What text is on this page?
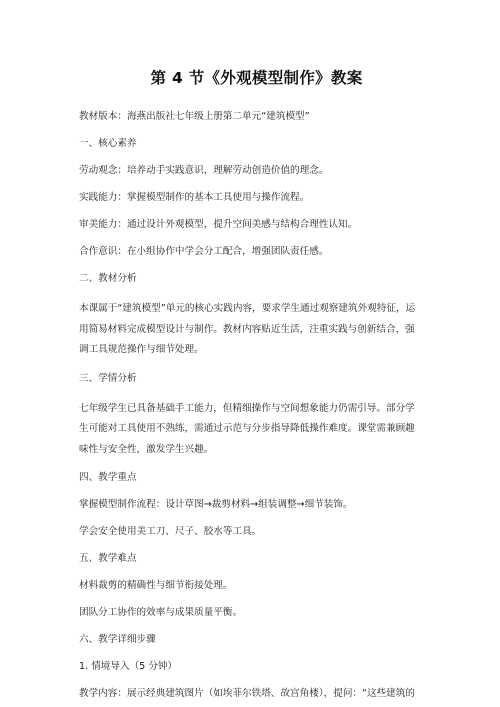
第 4 节《外观模型制作》教案
教材版本：海燕出版社七年级上册第二单元“建筑模型”
一、核心素养
劳动观念：培养动手实践意识，理解劳动创造价值的理念。
实践能力：掌握模型制作的基本工具使用与操作流程。
审美能力：通过设计外观模型，提升空间美感与结构合理性认知。
合作意识：在小组协作中学会分工配合，增强团队责任感。
二、教材分析

本课属于“建筑模型”单元的核心实践内容，要求学生通过观察建筑外观特征，运

用简易材料完成模型设计与制作。教材内容贴近生活，注重实践与创新结合，强

调工具规范操作与细节处理。

三、学情分析

七年级学生已具备基础手工能力，但精细操作与空间想象能力仍需引导。部分学

生可能对工具使用不熟练，需通过示范与分步指导降低操作难度。课堂需兼顾趣

味性与安全性，激发学生兴趣。

四、教学重点
掌握模型制作流程：设计草图→裁剪材料→组装调整→细节装饰。
学会安全使用美工刀、尺子、胶水等工具。
五、教学难点
材料裁剪的精确性与细节衔接处理。
团队分工协作的效率与成果质量平衡。
六、教学详细步骤
1. 情境导入（5 分钟）
教学内容：展示经典建筑图片（如埃菲尔铁塔、故宫角楼），提问：“这些建筑的
